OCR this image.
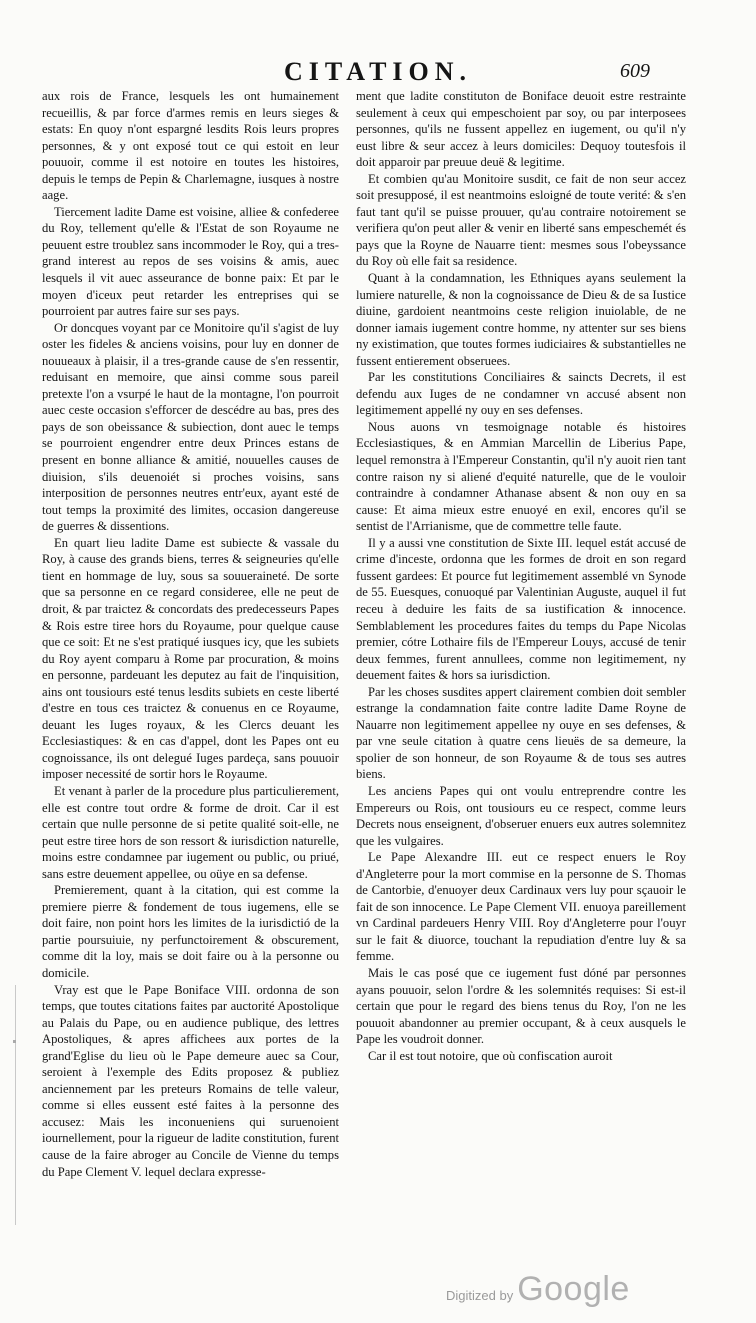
CITATION.	609

aux rois de France, lesquels les ont humainement recueillis, & par force d'armes remis en leurs sieges & estats: En quoy n'ont espargné lesdits Rois leurs propres personnes, & y ont exposé tout ce qui estoit en leur pouuoir, comme il est notoire en toutes les histoires, depuis le temps de Pepin & Charlemagne, iusques à nostre aage.

Tiercement ladite Dame est voisine, alliee & confederee du Roy, tellement qu'elle & l'Estat de son Royaume ne peuuent estre troublez sans incommoder le Roy, qui a tres-grand interest au repos de ses voisins & amis, auec lesquels il vit auec asseurance de bonne paix: Et par le moyen d'iceux peut retarder les entreprises qui se pourroient par autres faire sur ses pays.

Or doncques voyant par ce Monitoire qu'il s'agist de luy oster les fideles & anciens voisins, pour luy en donner de nouueaux à plaisir, il a tres-grande cause de s'en ressentir, reduisant en memoire, que ainsi comme sous pareil pretexte l'on a vsurpé le haut de la montagne, l'on pourroit auec ceste occasion s'efforcer de descédre au bas, pres des pays de son obeissance & subiection, dont auec le temps se pourroient engendrer entre deux Princes estans de present en bonne alliance & amitié, nouuelles causes de diuision, s'ils deuenoiét si proches voisins, sans interposition de personnes neutres entr'eux, ayant esté de tout temps la proximité des limites, occasion dangereuse de guerres & dissentions.

En quart lieu ladite Dame est subiecte & vassale du Roy, à cause des grands biens, terres & seigneuries qu'elle tient en hommage de luy, sous sa souueraineté. De sorte que sa personne en ce regard consideree, elle ne peut de droit, & par traictez & concordats des predecesseurs Papes & Rois estre tiree hors du Royaume, pour quelque cause que ce soit: Et ne s'est pratiqué iusques icy, que les subiets du Roy ayent comparu à Rome par procuration, & moins en personne, pardeuant les deputez au fait de l'inquisition, ains ont tousiours esté tenus lesdits subiets en ceste liberté d'estre en tous ces traictez & conuenus en ce Royaume, deuant les Iuges royaux, & les Clercs deuant les Ecclesiastiques: & en cas d'appel, dont les Papes ont eu cognoissance, ils ont delegué Iuges pardeça, sans pouuoir imposer necessité de sortir hors le Royaume.

Et venant à parler de la procedure plus particulierement, elle est contre tout ordre & forme de droit. Car il est certain que nulle personne de si petite qualité soit-elle, ne peut estre tiree hors de son ressort & iurisdiction naturelle, moins estre condamnee par iugement ou public, ou priué, sans estre deuement appellee, ou oüye en sa defense.

Premierement, quant à la citation, qui est comme la premiere pierre & fondement de tous iugemens, elle se doit faire, non point hors les limites de la iurisdictió de la partie poursuiuie, ny perfunctoirement & obscurement, comme dit la loy, mais se doit faire ou à la personne ou domicile.

Vray est que le Pape Boniface VIII. ordonna de son temps, que toutes citations faites par auctorité Apostolique au Palais du Pape, ou en audience publique, des lettres Apostoliques, & apres affichees aux portes de la grand'Eglise du lieu où le Pape demeure auec sa Cour, seroient à l'exemple des Edits proposez & publiez anciennement par les preteurs Romains de telle valeur, comme si elles eussent esté faites à la personne des accusez: Mais les inconueniens qui suruenoient iournellement, pour la rigueur de ladite constitution, furent cause de la faire abroger au Concile de Vienne du temps du Pape Clement V. lequel declara expresse-

ment que ladite constituton de Boniface deuoit estre restrainte seulement à ceux qui empeschoient par soy, ou par interposees personnes, qu'ils ne fussent appellez en iugement, ou qu'il n'y eust libre & seur accez à leurs domiciles: Dequoy toutesfois il doit apparoir par preuue deuë & legitime.

Et combien qu'au Monitoire susdit, ce fait de non seur accez soit presupposé, il est neantmoins esloigné de toute verité: & s'en faut tant qu'il se puisse prouuer, qu'au contraire notoirement se verifiera qu'on peut aller & venir en liberté sans empeschemét és pays que la Royne de Nauarre tient: mesmes sous l'obeyssance du Roy où elle fait sa residence.

Quant à la condamnation, les Ethniques ayans seulement la lumiere naturelle, & non la cognoissance de Dieu & de sa Iustice diuine, gardoient neantmoins ceste religion inuiolable, de ne donner iamais iugement contre homme, ny attenter sur ses biens ny existimation, que toutes formes iudiciaires & substantielles ne fussent entierement obseruees.

Par les constitutions Conciliaires & saincts Decrets, il est defendu aux Iuges de ne condamner vn accusé absent non legitimement appellé ny ouy en ses defenses.

Nous auons vn tesmoignage notable és histoires Ecclesiastiques, & en Ammian Marcellin de Liberius Pape, lequel remonstra à l'Empereur Constantin, qu'il n'y auoit rien tant contre raison ny si aliené d'equité naturelle, que de le vouloir contraindre à condamner Athanase absent & non ouy en sa cause: Et aima mieux estre enuoyé en exil, encores qu'il se sentist de l'Arrianisme, que de commettre telle faute.

Il y a aussi vne constitution de Sixte III. lequel estát accusé de crime d'inceste, ordonna que les formes de droit en son regard fussent gardees: Et pource fut legitimement assemblé vn Synode de 55. Euesques, conuoqué par Valentinian Auguste, auquel il fut receu à deduire les faits de sa iustification & innocence. Semblablement les procedures faites du temps du Pape Nicolas premier, cótre Lothaire fils de l'Empereur Louys, accusé de tenir deux femmes, furent annullees, comme non legitimement, ny deuement faites & hors sa iurisdiction.

Par les choses susdites appert clairement combien doit sembler estrange la condamnation faite contre ladite Dame Royne de Nauarre non legitimement appellee ny ouye en ses defenses, & par vne seule citation à quatre cens lieuës de sa demeure, la spolier de son honneur, de son Royaume & de tous ses autres biens.

Les anciens Papes qui ont voulu entreprendre contre les Empereurs ou Rois, ont tousiours eu ce respect, comme leurs Decrets nous enseignent, d'obseruer enuers eux autres solemnitez que les vulgaires.

Le Pape Alexandre III. eut ce respect enuers le Roy d'Angleterre pour la mort commise en la personne de S. Thomas de Cantorbie, d'enuoyer deux Cardinaux vers luy pour sçauoir le fait de son innocence. Le Pape Clement VII. enuoya pareillement vn Cardinal pardeuers Henry VIII. Roy d'Angleterre pour l'ouyr sur le fait & diuorce, touchant la repudiation d'entre luy & sa femme.

Mais le cas posé que ce iugement fust dóné par personnes ayans pouuoir, selon l'ordre & les solemnités requises: Si est-il certain que pour le regard des biens tenus du Roy, l'on ne les pouuoit abandonner au premier occupant, & à ceux ausquels le Pape les voudroit donner.

Car il est tout notoire, que où confiscation auroit

Digitized by Google
